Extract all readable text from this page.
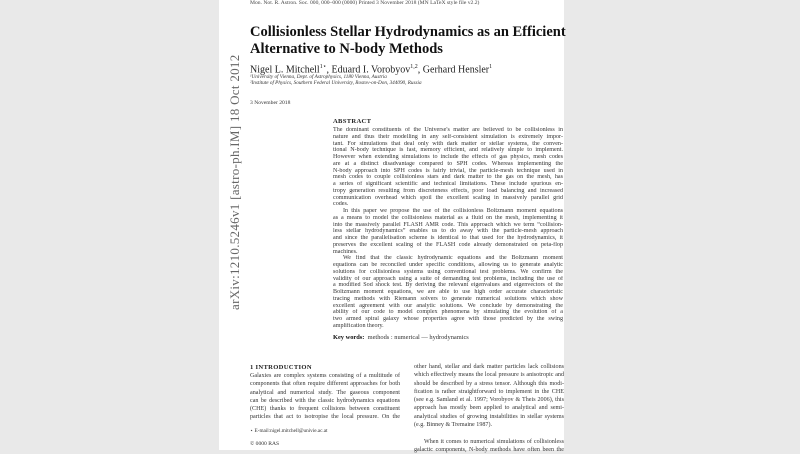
Mon. Not. R. Astron. Soc. 000, 000–000 (0000) Printed 3 November 2018 (MN LaTeX style file v2.2)
Collisionless Stellar Hydrodynamics as an Efficient
Alternative to N-body Methods
Nigel L. Mitchell$^{1⋆}$, Eduard I. Vorobyov$^{1,2}$, Gerhard Hensler$^1$
¹University of Vienna, Dept. of Astrophysics, 1180 Vienna, Austria
²Institute of Physics, Southern Federal University, Rostov-on-Don, 344090, Russia
3 November 2018
arXiv:1210.5246v1 [astro-ph.IM] 18 Oct 2012	ABSTRACT
The dominant constituents of the Universe's matter are believed to be collisionless in
nature and thus their modelling in any self-consistent simulation is extremely impor-
tant. For simulations that deal only with dark matter or stellar systems, the conven-
tional N-body technique is fast, memory efficient, and relatively simple to implement.
However when extending simulations to include the effects of gas physics, mesh codes
are at a distinct disadvantage compared to SPH codes. Whereas implementing the
N-body approach into SPH codes is fairly trivial, the particle-mesh technique used in
mesh codes to couple collisionless stars and dark matter to the gas on the mesh, has
a series of significant scientific and technical limitations. These include spurious en-
tropy generation resulting from discreteness effects, poor load balancing and increased
communication overhead which spoil the excellent scaling in massively parallel grid
codes.
In this paper we propose the use of the collisionless Boltzmann moment equations
as a means to model the collisionless material as a fluid on the mesh, implementing it
into the massively parallel FLASH AMR code. This approach which we term “collision-
less stellar hydrodynamics” enables us to do away with the particle-mesh approach
and since the parallelisation scheme is identical to that used for the hydrodynamics, it
preserves the excellent scaling of the FLASH code already demonstrated on peta-flop
machines.
We find that the classic hydrodynamic equations and the Boltzmann moment
equations can be reconciled under specific conditions, allowing us to generate analytic
solutions for collisionless systems using conventional test problems. We confirm the
validity of our approach using a suite of demanding test problems, including the use of
a modified Sod shock test. By deriving the relevant eigenvalues and eigenvectors of the
Boltzmann moment equations, we are able to use high order accurate characteristic
tracing methods with Riemann solvers to generate numerical solutions which show
excellent agreement with our analytic solutions. We conclude by demonstrating the
ability of our code to model complex phenomena by simulating the evolution of a
two armed spiral galaxy whose properties agree with those predicted by the swing
amplification theory.
Key words: methods : numerical — hydrodynamics
1 INTRODUCTION
Galaxies are complex systems consisting of a multitude of
components that often require different approaches for both
analytical and numerical study. The gaseous component
can be described with the classic hydrodynamics equations
(CHE) thanks to frequent collisions between constituent
particles that act to isotropise the local pressure. On the
other hand, stellar and dark matter particles lack collisions
which effectively means the local pressure is anisotropic and
should be described by a stress tensor. Although this modi-
fication is rather straightforward to implement in the CHE
(see e.g. Samland et al. 1997; Vorobyov & Theis 2006), this
approach has mostly been applied to analytical and semi-
analytical studies of growing instabilities in stellar systems
(e.g. Binney & Tremaine 1987).
When it comes to numerical simulations of collisionless
galactic components, N-body methods have often been the
⋆ E-mail:nigel.mitchell@univie.ac.at
© 0000 RAS
